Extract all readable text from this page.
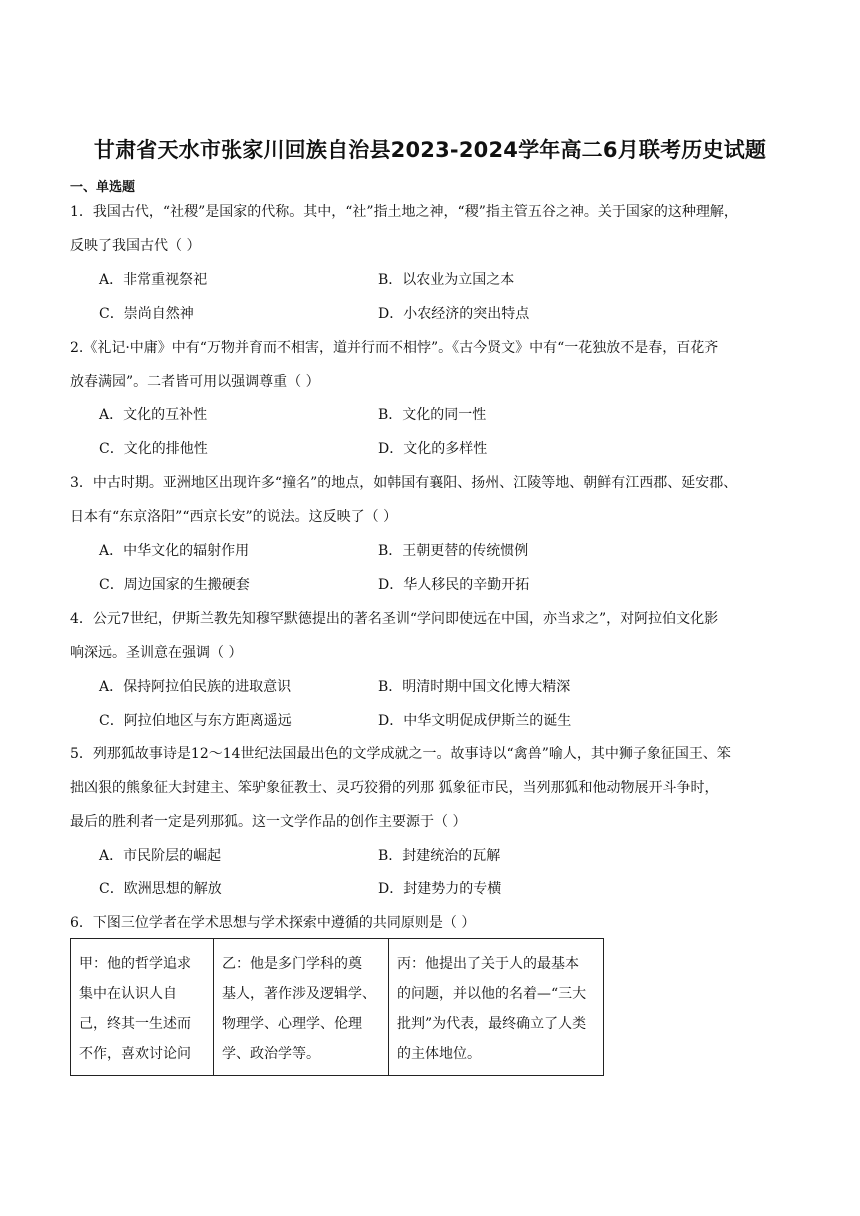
甘肃省天水市张家川回族自治县2023-2024学年高二6月联考历史试题
一、单选题
1．我国古代，“社稷”是国家的代称。其中，“社”指土地之神，“稷”指主管五谷之神。关于国家的这种理解，
反映了我国古代（ ）
A．非常重视祭祀	B．以农业为立国之本
C．崇尚自然神	D．小农经济的突出特点
2.《礼记·中庸》中有“万物并育而不相害，道并行而不相悖”。《古今贤文》中有“一花独放不是春，百花齐
放春满园”。二者皆可用以强调尊重（ ）
A．文化的互补性	B．文化的同一性
C．文化的排他性	D．文化的多样性
3．中古时期。亚洲地区出现许多“撞名”的地点，如韩国有襄阳、扬州、江陵等地、朝鲜有江西郡、延安郡、
日本有“东京洛阳”“西京长安”的说法。这反映了（ ）
A．中华文化的辐射作用	B．王朝更替的传统惯例
C．周边国家的生搬硬套	D．华人移民的辛勤开拓
4．公元7世纪，伊斯兰教先知穆罕默德提出的著名圣训“学问即使远在中国，亦当求之”，对阿拉伯文化影
响深远。圣训意在强调（ ）
A．保持阿拉伯民族的进取意识	B．明清时期中国文化博大精深
C．阿拉伯地区与东方距离遥远	D．中华文明促成伊斯兰的诞生
5．列那狐故事诗是12～14世纪法国最出色的文学成就之一。故事诗以“禽兽”喻人，其中狮子象征国王、笨
拙凶狠的熊象征大封建主、笨驴象征教士、灵巧狡猾的列那 狐象征市民，当列那狐和他动物展开斗争时，
最后的胜利者一定是列那狐。这一文学作品的创作主要源于（ ）
A．市民阶层的崛起	B．封建统治的瓦解
C．欧洲思想的解放	D．封建势力的专横
6．下图三位学者在学术思想与学术探索中遵循的共同原则是（ ）
甲：他的哲学追求
集中在认识人自
己，终其一生述而
不作，喜欢讨论问

乙：他是多门学科的奠
基人，著作涉及逻辑学、
物理学、心理学、伦理
学、政治学等。

丙：他提出了关于人的最基本
的问题，并以他的名着—“三大
批判”为代表，最终确立了人类
的主体地位。
